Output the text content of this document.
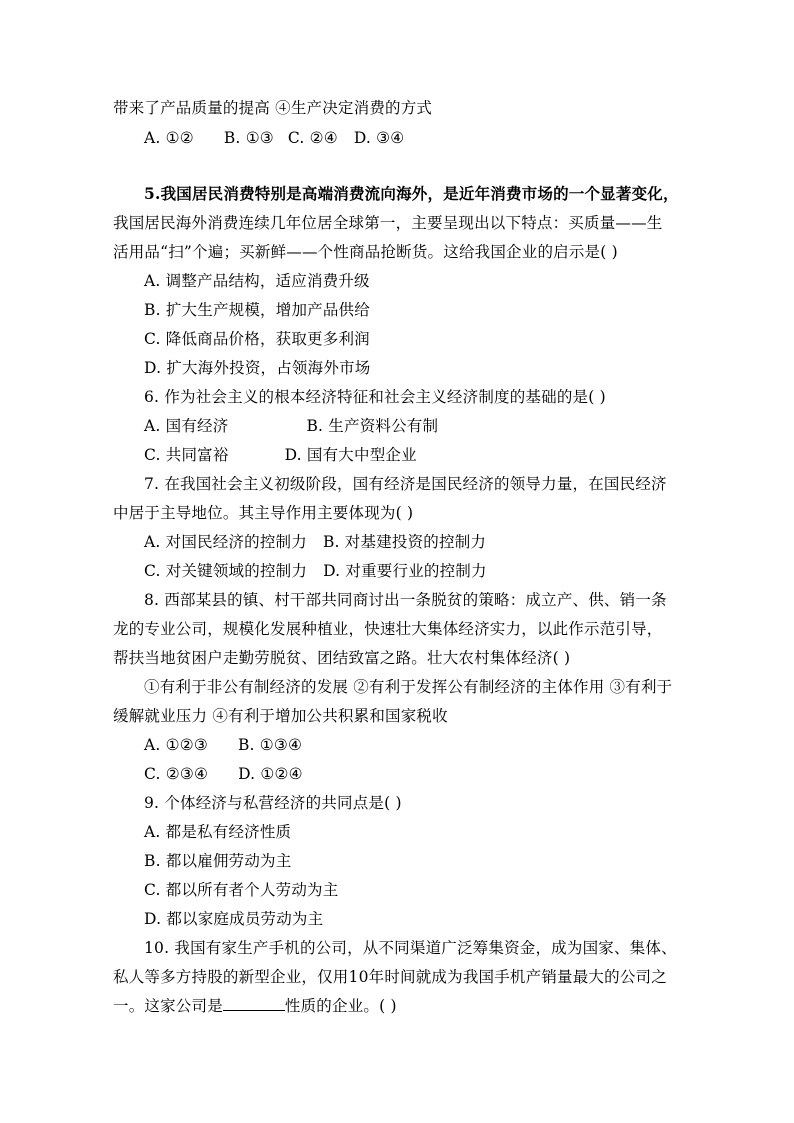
带来了产品质量的提高 ④生产决定消费的方式
A. ①② B. ①③ C. ②④ D. ③④
5.我国居民消费特别是高端消费流向海外，是近年消费市场的一个显著变化，
我国居民海外消费连续几年位居全球第一，主要呈现出以下特点：买质量——生
活用品“扫”个遍；买新鲜——个性商品抢断货。这给我国企业的启示是( )
A. 调整产品结构，适应消费升级
B. 扩大生产规模，增加产品供给
C. 降低商品价格，获取更多利润
D. 扩大海外投资，占领海外市场
6. 作为社会主义的根本经济特征和社会主义经济制度的基础的是( )
A. 国有经济	B. 生产资料公有制
C. 共同富裕	D. 国有大中型企业
7. 在我国社会主义初级阶段，国有经济是国民经济的领导力量，在国民经济
中居于主导地位。其主导作用主要体现为( )
A. 对国民经济的控制力 B. 对基建投资的控制力
C. 对关键领域的控制力 D. 对重要行业的控制力
8. 西部某县的镇、村干部共同商讨出一条脱贫的策略：成立产、供、销一条
龙的专业公司，规模化发展种植业，快速壮大集体经济实力，以此作示范引导，
帮扶当地贫困户走勤劳脱贫、团结致富之路。壮大农村集体经济( )
①有利于非公有制经济的发展 ②有利于发挥公有制经济的主体作用 ③有利于
缓解就业压力 ④有利于增加公共积累和国家税收
A. ①②③ B. ①③④
C. ②③④ D. ①②④
9. 个体经济与私营经济的共同点是( )
A. 都是私有经济性质
B. 都以雇佣劳动为主
C. 都以所有者个人劳动为主
D. 都以家庭成员劳动为主
10. 我国有家生产手机的公司，从不同渠道广泛筹集资金，成为国家、集体、
私人等多方持股的新型企业，仅用10年时间就成为我国手机产销量最大的公司之
一。这家公司是	性质的企业。( )
